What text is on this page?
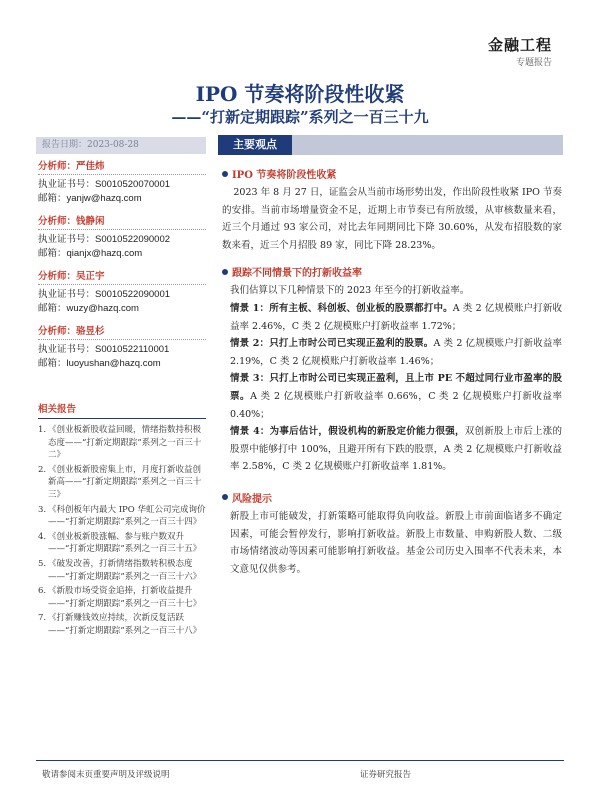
金融工程
专题报告
IPO 节奏将阶段性收紧
——“打新定期跟踪”系列之一百三十九
报告日期：2023-08-28	主要观点
分析师：严佳炜
执业证书号：S0010520070001
邮箱：yanjw@hazq.com
分析师：钱静闲
执业证书号：S0010522090002
邮箱：qianjx@hazq.com
分析师：吴正宇
执业证书号：S0010522090001
邮箱：wuzy@hazq.com
分析师：骆昱杉
执业证书号：S0010522110001
邮箱：luoyushan@hazq.com
相关报告
1. 《创业板新股收益回暖，情绪指数持积极态度——“打新定期跟踪”系列之一百三十二》
2. 《创业板新股密集上市，月度打新收益创新高——“打新定期跟踪”系列之一百三十三》
3. 《科创板年内最大 IPO 华虹公司完成询价——“打新定期跟踪”系列之一百三十四》
4. 《创业板新股涨幅、参与账户数双升——“打新定期跟踪”系列之一百三十五》
5. 《破发改善，打新情绪指数转积极态度——“打新定期跟踪”系列之一百三十六》
6. 《新股市场受资金追捧，打新收益提升——“打新定期跟踪”系列之一百三十七》
7. 《打新赚钱效应持续，次新反复活跃——“打新定期跟踪”系列之一百三十八》
IPO 节奏将阶段性收紧

2023 年 8 月 27 日，证监会从当前市场形势出发，作出阶段性收紧 IPO 节奏的安排。当前市场增量资金不足，近期上市节奏已有所放缓，从审核数量来看，近三个月通过 93 家公司，对比去年同期同比下降 30.60%，从发布招股数的家数来看，近三个月招股 89 家，同比下降 28.23%。

跟踪不同情景下的打新收益率

我们估算以下几种情景下的 2023 年至今的打新收益率。

情景 1：所有主板、科创板、创业板的股票都打中。A 类 2 亿规模账户打新收益率 2.46%，C 类 2 亿规模账户打新收益率 1.72%；

情景 2：只打上市时公司已实现正盈利的股票。A 类 2 亿规模账户打新收益率 2.19%，C 类 2 亿规模账户打新收益率 1.46%；

情景 3：只打上市时公司已实现正盈利，且上市 PE 不超过同行业市盈率的股票。A 类 2 亿规模账户打新收益率 0.66%，C 类 2 亿规模账户打新收益率 0.40%；

情景 4：为事后估计，假设机构的新股定价能力很强，双创新股上市后上涨的股票中能够打中 100%，且避开所有下跌的股票，A 类 2 亿规模账户打新收益率 2.58%，C 类 2 亿规模账户打新收益率 1.81%。

风险提示

新股上市可能破发，打新策略可能取得负向收益。新股上市前面临诸多不确定因素，可能会暂停发行，影响打新收益。新股上市数量、申购新股人数、二级市场情绪波动等因素可能影响打新收益。基金公司历史入围率不代表未来，本文意见仅供参考。

敬请参阅末页重要声明及评级说明	证券研究报告
